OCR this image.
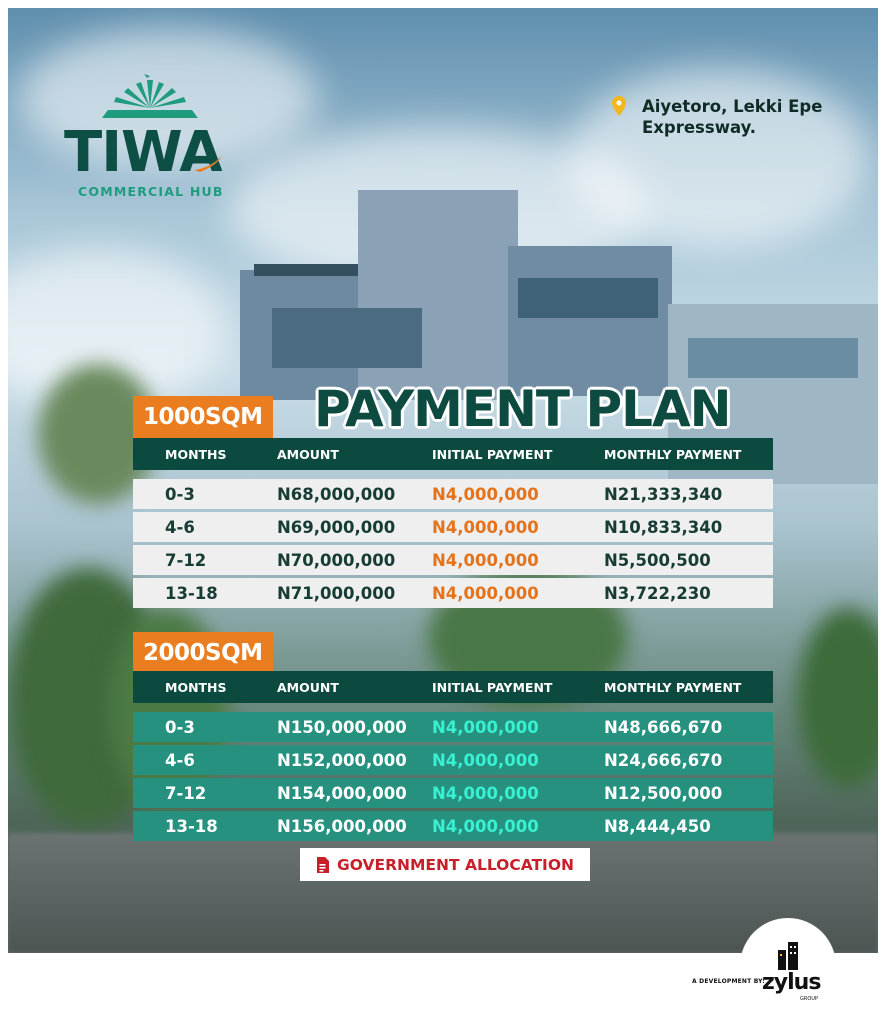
TIWA
COMMERCIAL HUB
Aiyetoro, Lekki Epe
Expressway.
1000SQM PAYMENT PLAN
MONTHS	AMOUNT	INITIAL PAYMENT	MONTHLY PAYMENT
0-3	N68,000,000	N4,000,000	N21,333,340
4-6	N69,000,000	N4,000,000	N10,833,340
7-12	N70,000,000	N4,000,000	N5,500,500
13-18	N71,000,000	N4,000,000	N3,722,230
2000SQM
MONTHS	AMOUNT	INITIAL PAYMENT	MONTHLY PAYMENT
0-3	N150,000,000	N4,000,000	N48,666,670
4-6	N152,000,000	N4,000,000	N24,666,670
7-12	N154,000,000	N4,000,000	N12,500,000
13-18	N156,000,000	N4,000,000	N8,444,450
GOVERNMENT ALLOCATION
A DEVELOPMENT BY:
zylus
GROUP
